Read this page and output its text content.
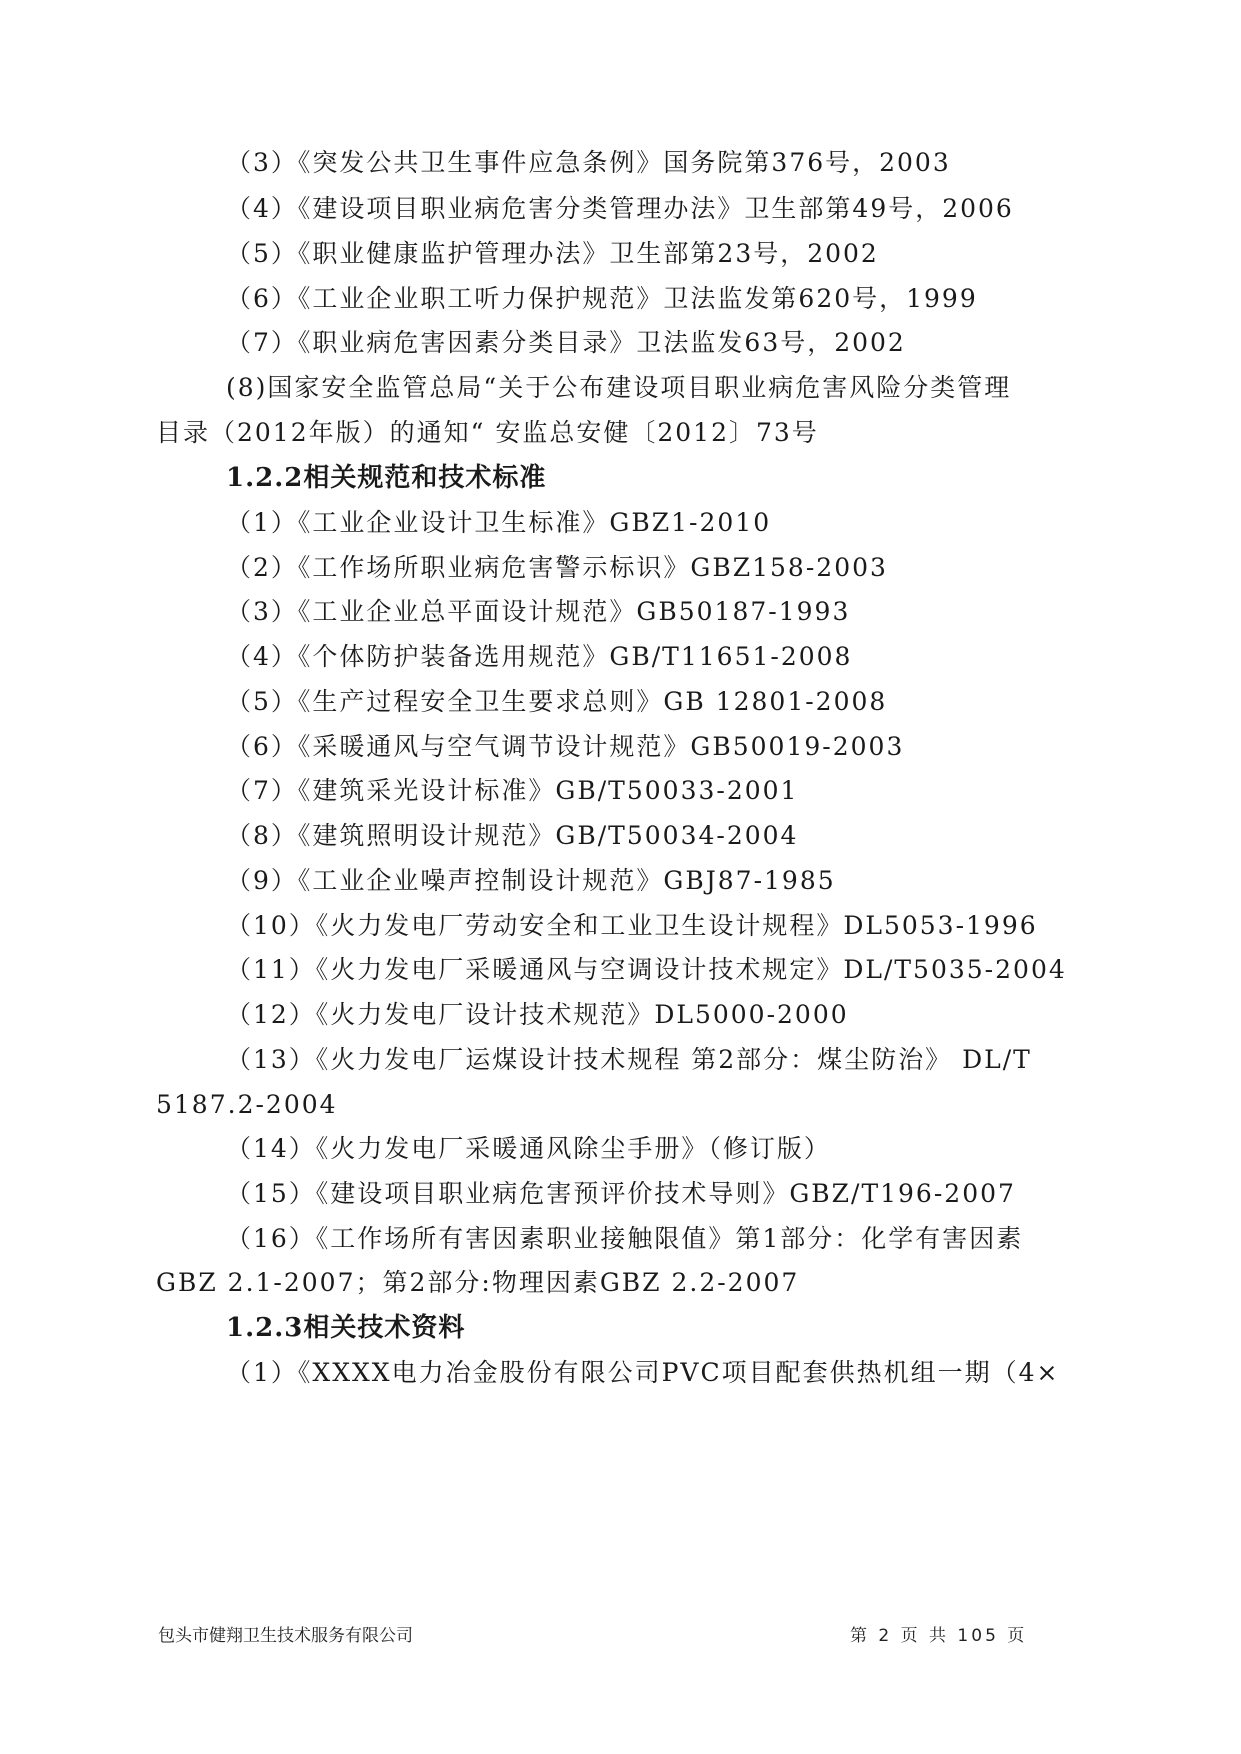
（3）《突发公共卫生事件应急条例》国务院第376号，2003
（4）《建设项目职业病危害分类管理办法》卫生部第49号，2006
（5）《职业健康监护管理办法》卫生部第23号，2002
（6）《工业企业职工听力保护规范》卫法监发第620号，1999
（7）《职业病危害因素分类目录》卫法监发63号，2002
(8)国家安全监管总局“关于公布建设项目职业病危害风险分类管理
目录（2012年版）的通知“ 安监总安健〔2012〕73号
1.2.2相关规范和技术标准
（1）《工业企业设计卫生标准》GBZ1-2010
（2）《工作场所职业病危害警示标识》GBZ158-2003
（3）《工业企业总平面设计规范》GB50187-1993
（4）《个体防护装备选用规范》GB/T11651-2008
（5）《生产过程安全卫生要求总则》GB 12801-2008
（6）《采暖通风与空气调节设计规范》GB50019-2003
（7）《建筑采光设计标准》GB/T50033-2001
（8）《建筑照明设计规范》GB/T50034-2004
（9）《工业企业噪声控制设计规范》GBJ87-1985
（10）《火力发电厂劳动安全和工业卫生设计规程》DL5053-1996
（11）《火力发电厂采暖通风与空调设计技术规定》DL/T5035-2004
（12）《火力发电厂设计技术规范》DL5000-2000
（13）《火力发电厂运煤设计技术规程 第2部分：煤尘防治》 DL/T
5187.2-2004
（14）《火力发电厂采暖通风除尘手册》（修订版）
（15）《建设项目职业病危害预评价技术导则》GBZ/T196-2007
（16）《工作场所有害因素职业接触限值》第1部分：化学有害因素
GBZ 2.1-2007；第2部分:物理因素GBZ 2.2-2007
1.2.3相关技术资料
（1）《XXXX电力冶金股份有限公司PVC项目配套供热机组一期（4×
包头市健翔卫生技术服务有限公司	第 2 页 共 105 页
